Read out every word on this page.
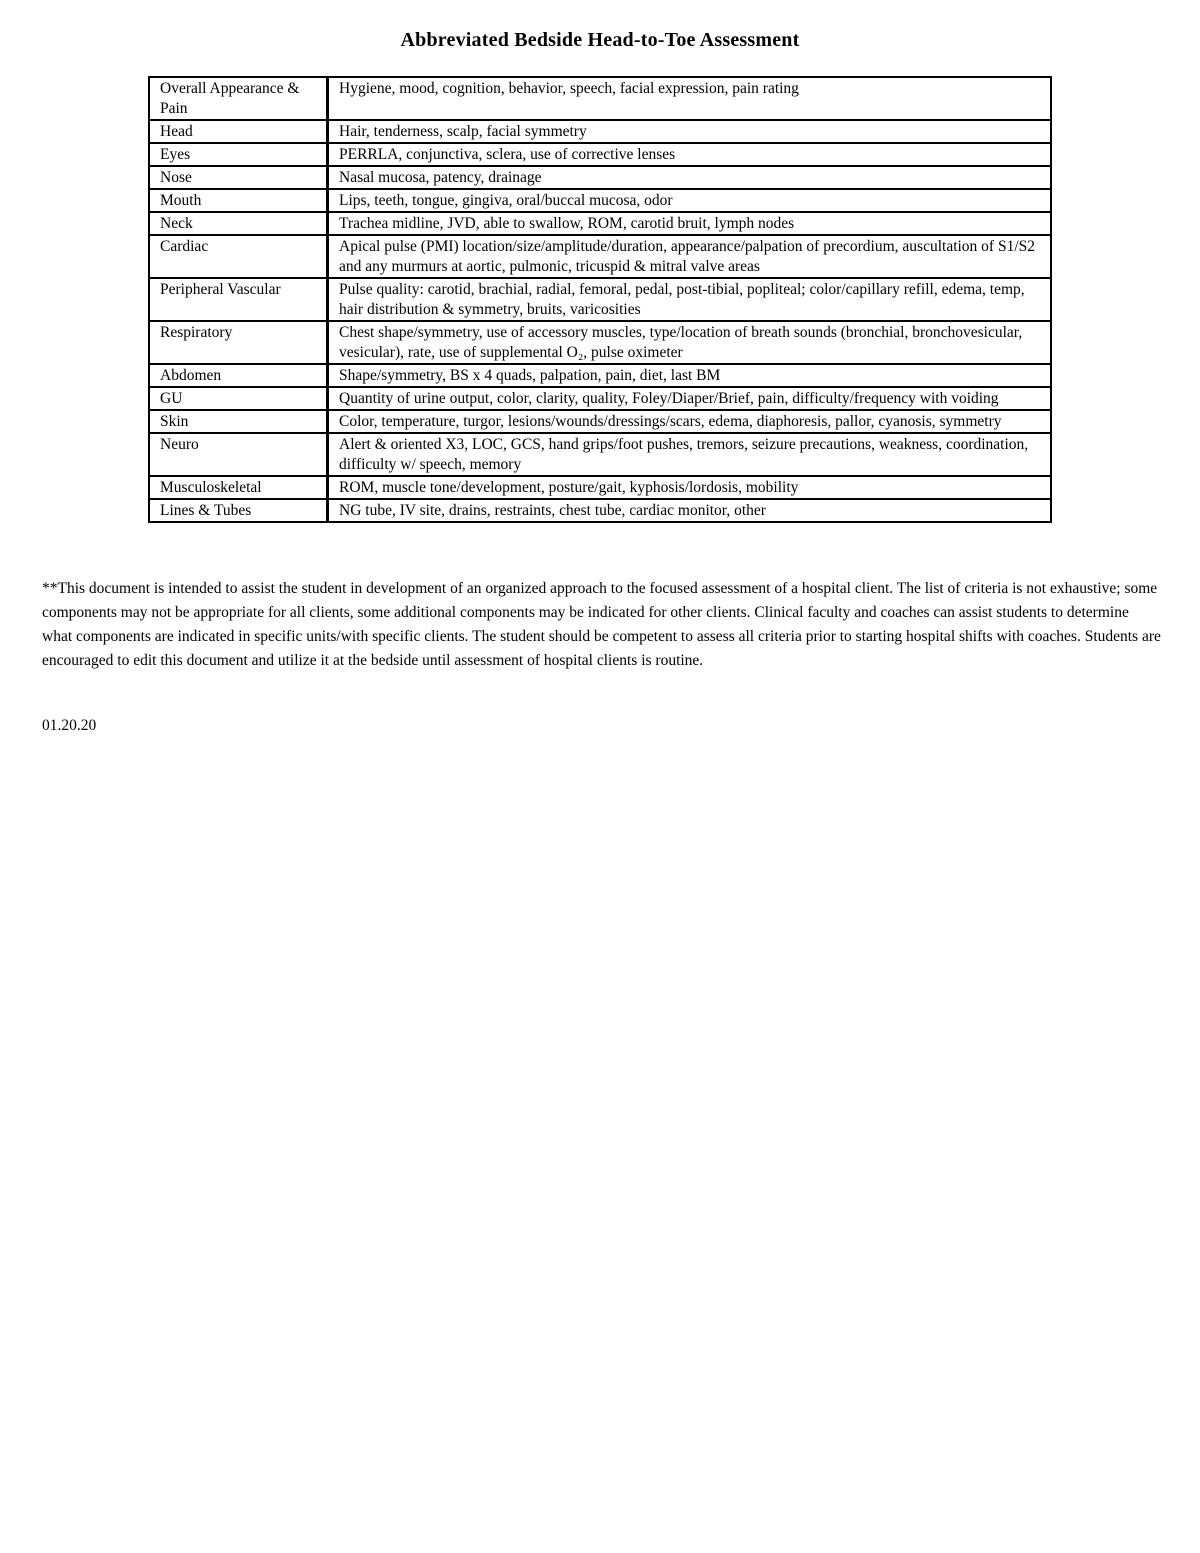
Abbreviated Bedside Head-to-Toe Assessment
Overall Appearance & Pain	Hygiene, mood, cognition, behavior, speech, facial expression, pain rating
Head	Hair, tenderness, scalp, facial symmetry
Eyes	PERRLA, conjunctiva, sclera, use of corrective lenses
Nose	Nasal mucosa, patency, drainage
Mouth	Lips, teeth, tongue, gingiva, oral/buccal mucosa, odor
Neck	Trachea midline, JVD, able to swallow, ROM, carotid bruit, lymph nodes
Cardiac	Apical pulse (PMI) location/size/amplitude/duration, appearance/palpation of precordium, auscultation of S1/S2 and any murmurs at aortic, pulmonic, tricuspid & mitral valve areas
Peripheral Vascular	Pulse quality: carotid, brachial, radial, femoral, pedal, post-tibial, popliteal; color/capillary refill, edema, temp, hair distribution & symmetry, bruits, varicosities
Respiratory	Chest shape/symmetry, use of accessory muscles, type/location of breath sounds (bronchial, bronchovesicular, vesicular), rate, use of supplemental O₂, pulse oximeter
Abdomen	Shape/symmetry, BS x 4 quads, palpation, pain, diet, last BM
GU	Quantity of urine output, color, clarity, quality, Foley/Diaper/Brief, pain, difficulty/frequency with voiding
Skin	Color, temperature, turgor, lesions/wounds/dressings/scars, edema, diaphoresis, pallor, cyanosis, symmetry
Neuro	Alert & oriented X3, LOC, GCS, hand grips/foot pushes, tremors, seizure precautions, weakness, coordination, difficulty w/ speech, memory
Musculoskeletal	ROM, muscle tone/development, posture/gait, kyphosis/lordosis, mobility
Lines & Tubes	NG tube, IV site, drains, restraints, chest tube, cardiac monitor, other

**This document is intended to assist the student in development of an organized approach to the focused assessment of a hospital client. The list of criteria is not exhaustive; some components may not be appropriate for all clients, some additional components may be indicated for other clients. Clinical faculty and coaches can assist students to determine what components are indicated in specific units/with specific clients. The student should be competent to assess all criteria prior to starting hospital shifts with coaches. Students are encouraged to edit this document and utilize it at the bedside until assessment of hospital clients is routine.

01.20.20
